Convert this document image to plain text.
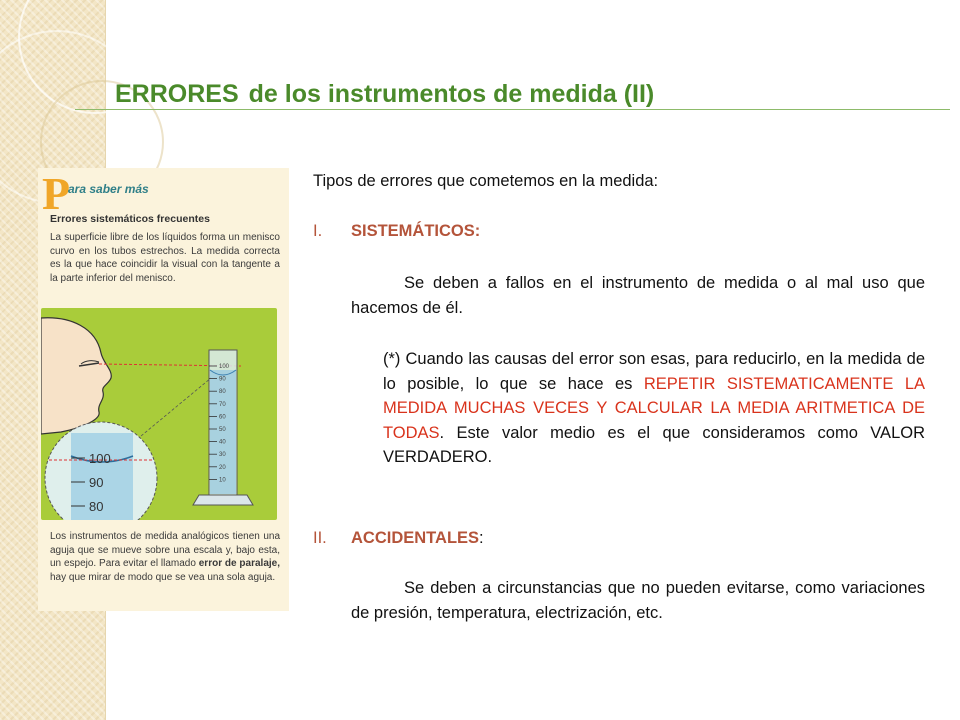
ERRORES de los instrumentos de medida (II)
P
ara saber más
Errores sistemáticos frecuentes
La superficie libre de los líquidos forma un menisco curvo en los tubos estrechos. La medida correcta es la que hace coincidir la visual con la tangente a la parte inferior del menisco.
100
90
80
70
60
50
40
30
20
10
100
90
80
Los instrumentos de medida analógicos tienen una aguja que se mueve sobre una escala y, bajo esta, un espejo. Para evitar el llamado error de paralaje, hay que mirar de modo que se vea una sola aguja.
Tipos de errores que cometemos en la medida:
I. SISTEMÁTICOS:
Se deben a fallos en el instrumento de medida o al mal uso que hacemos de él.
(*) Cuando las causas del error son esas, para reducirlo, en la medida de lo posible, lo que se hace es REPETIR SISTEMATICAMENTE LA MEDIDA MUCHAS VECES Y CALCULAR LA MEDIA ARITMETICA DE TODAS. Este valor medio es el que consideramos como VALOR VERDADERO.
II. ACCIDENTALES:
Se deben a circunstancias que no pueden evitarse, como variaciones de presión, temperatura, electrización, etc.
